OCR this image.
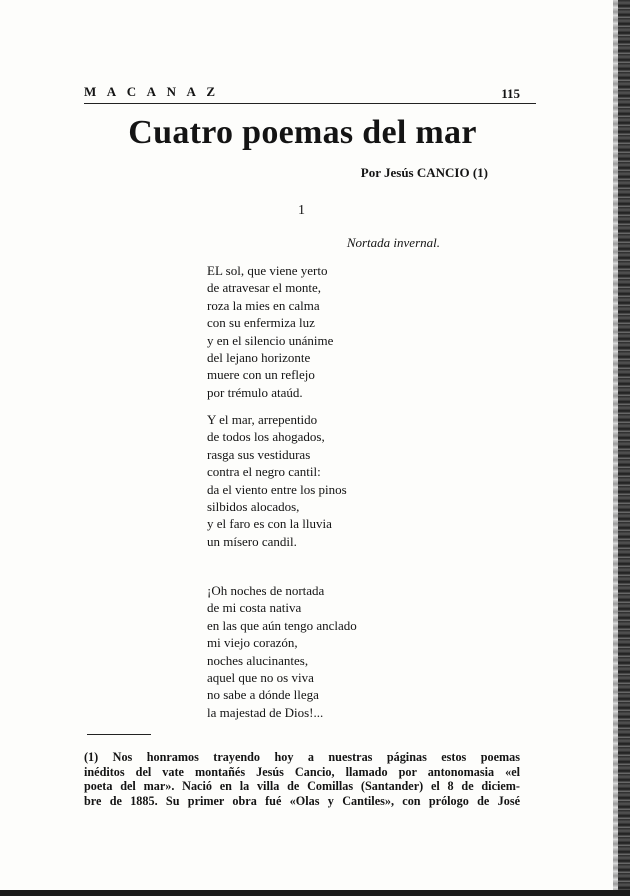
M A C A N A Z	115
Cuatro poemas del mar
Por Jesús CANCIO (1)
1
Nortada invernal.
EL sol, que viene yerto
de atravesar el monte,
roza la mies en calma
con su enfermiza luz
y en el silencio unánime
del lejano horizonte
muere con un reflejo
por trémulo ataúd.
Y el mar, arrepentido
de todos los ahogados,
rasga sus vestiduras
contra el negro cantil:
da el viento entre los pinos
silbidos alocados,
y el faro es con la lluvia
un mísero candil.
¡Oh noches de nortada
de mi costa nativa
en las que aún tengo anclado
mi viejo corazón,
noches alucinantes,
aquel que no os viva
no sabe a dónde llega
la majestad de Dios!...

(1) Nos honramos trayendo hoy a nuestras páginas estos poemas
inéditos del vate montañés Jesús Cancio, llamado por antonomasia «el
poeta del mar». Nació en la villa de Comillas (Santander) el 8 de diciem-
bre de 1885. Su primer obra fué «Olas y Cantiles», con prólogo de José
